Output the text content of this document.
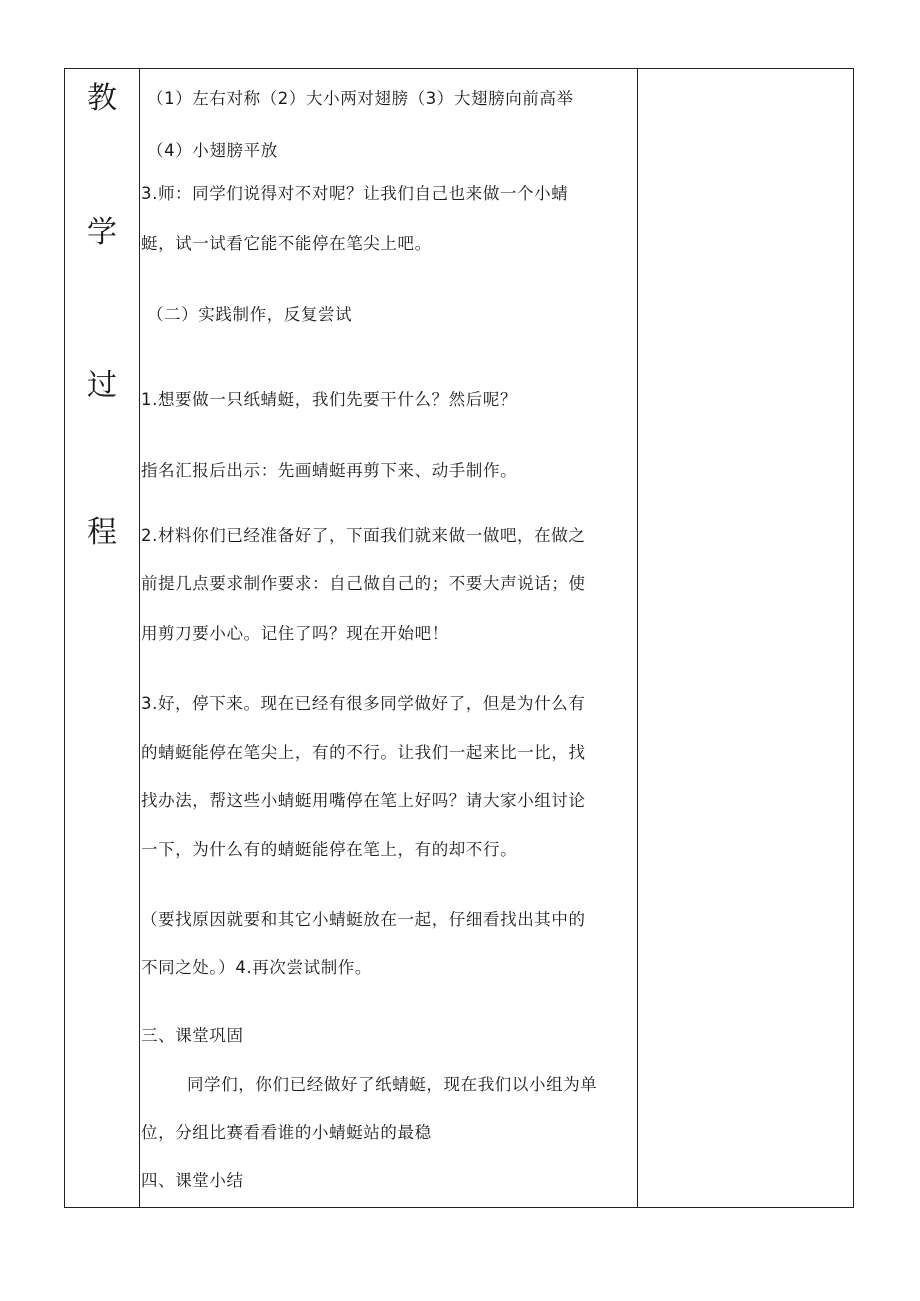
教
学
过
程
（1）左右对称（2）大小两对翅膀（3）大翅膀向前高举
（4）小翅膀平放
3.师：同学们说得对不对呢？让我们自己也来做一个小蜻
蜓，试一试看它能不能停在笔尖上吧。
（二）实践制作，反复尝试
1.想要做一只纸蜻蜓，我们先要干什么？然后呢？
指名汇报后出示：先画蜻蜓再剪下来、动手制作。
2.材料你们已经准备好了，下面我们就来做一做吧，在做之
前提几点要求制作要求：自己做自己的；不要大声说话；使
用剪刀要小心。记住了吗？现在开始吧！
3.好，停下来。现在已经有很多同学做好了，但是为什么有
的蜻蜓能停在笔尖上，有的不行。让我们一起来比一比，找
找办法，帮这些小蜻蜓用嘴停在笔上好吗？请大家小组讨论
一下，为什么有的蜻蜓能停在笔上，有的却不行。
（要找原因就要和其它小蜻蜓放在一起，仔细看找出其中的
不同之处。）4.再次尝试制作。
三、课堂巩固
同学们，你们已经做好了纸蜻蜓，现在我们以小组为单
位，分组比赛看看谁的小蜻蜓站的最稳
四、课堂小结
